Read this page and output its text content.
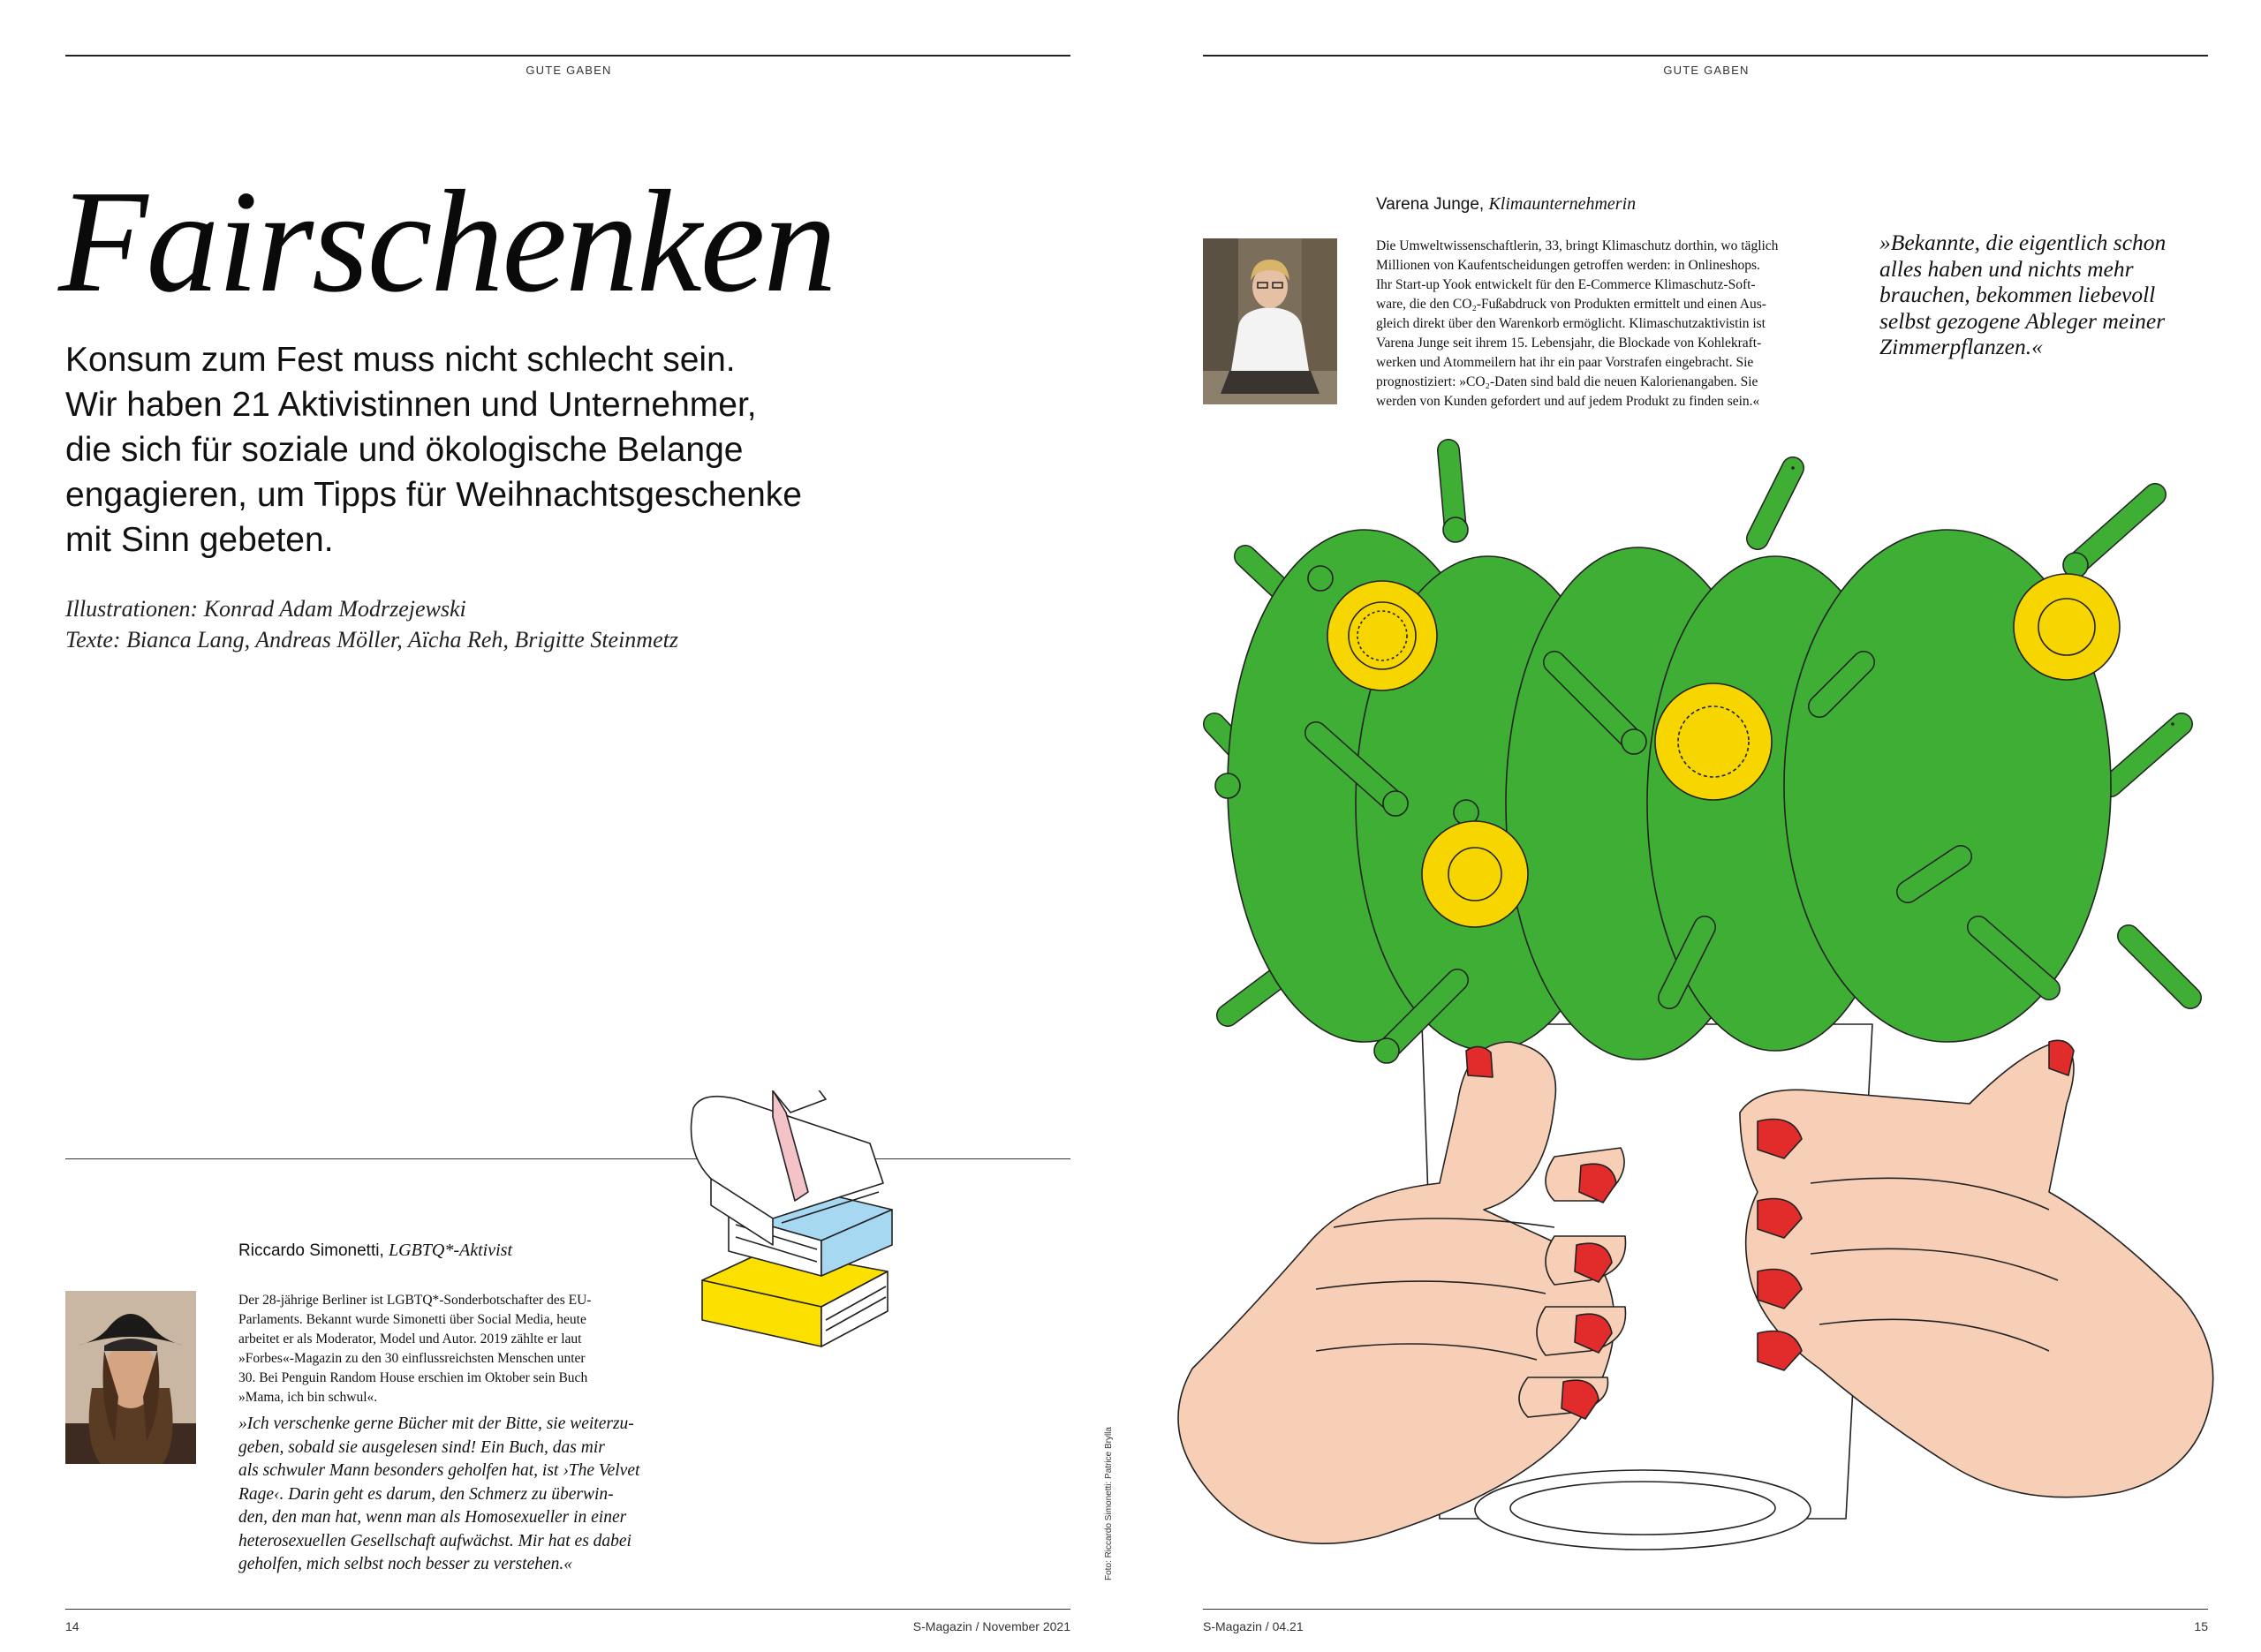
GUTE GABEN
Fairschenken
Konsum zum Fest muss nicht schlecht sein.
Wir haben 21 Aktivistinnen und Unternehmer,
die sich für soziale und ökologische Belange
engagieren, um Tipps für Weihnachtsgeschenke
mit Sinn gebeten.
Illustrationen: Konrad Adam Modrzejewski
Texte: Bianca Lang, Andreas Möller, Aïcha Reh, Brigitte Steinmetz
Riccardo Simonetti, LGBTQ*-Aktivist
Der 28-jährige Berliner ist LGBTQ*-Sonderbotschafter des EU-
Parlaments. Bekannt wurde Simonetti über Social Media, heute
arbeitet er als Moderator, Model und Autor. 2019 zählte er laut
»Forbes«-Magazin zu den 30 einflussreichsten Menschen unter
30. Bei Penguin Random House erschien im Oktober sein Buch
»Mama, ich bin schwul«.
»Ich verschenke gerne Bücher mit der Bitte, sie weiterzu-
geben, sobald sie ausgelesen sind! Ein Buch, das mir
als schwuler Mann besonders geholfen hat, ist ›The Velvet
Rage‹. Darin geht es darum, den Schmerz zu überwin-
den, den man hat, wenn man als Homosexueller in einer
heterosexuellen Gesellschaft aufwächst. Mir hat es dabei
geholfen, mich selbst noch besser zu verstehen.«	Foto: Riccardo Simonetti: Patrice Brylla
14	S-Magazin / November 2021
GUTE GABEN
Varena Junge, Klimaunternehmerin
Die Umweltwissenschaftlerin, 33, bringt Klimaschutz dorthin, wo täglich
Millionen von Kaufentscheidungen getroffen werden: in Onlineshops.
Ihr Start-up Yook entwickelt für den E-Commerce Klimaschutz-Soft-
ware, die den CO₂-Fußabdruck von Produkten ermittelt und einen Aus-
gleich direkt über den Warenkorb ermöglicht. Klimaschutzaktivistin ist
Varena Junge seit ihrem 15. Lebensjahr, die Blockade von Kohlekraft-
werken und Atommeilern hat ihr ein paar Vorstrafen eingebracht. Sie
prognostiziert: »CO₂-Daten sind bald die neuen Kalorienangaben. Sie
werden von Kunden gefordert und auf jedem Produkt zu finden sein.«
»Bekannte, die eigentlich schon
alles haben und nichts mehr
brauchen, bekommen liebevoll
selbst gezogene Ableger meiner
Zimmerpflanzen.«
S-Magazin / 04.21	15
